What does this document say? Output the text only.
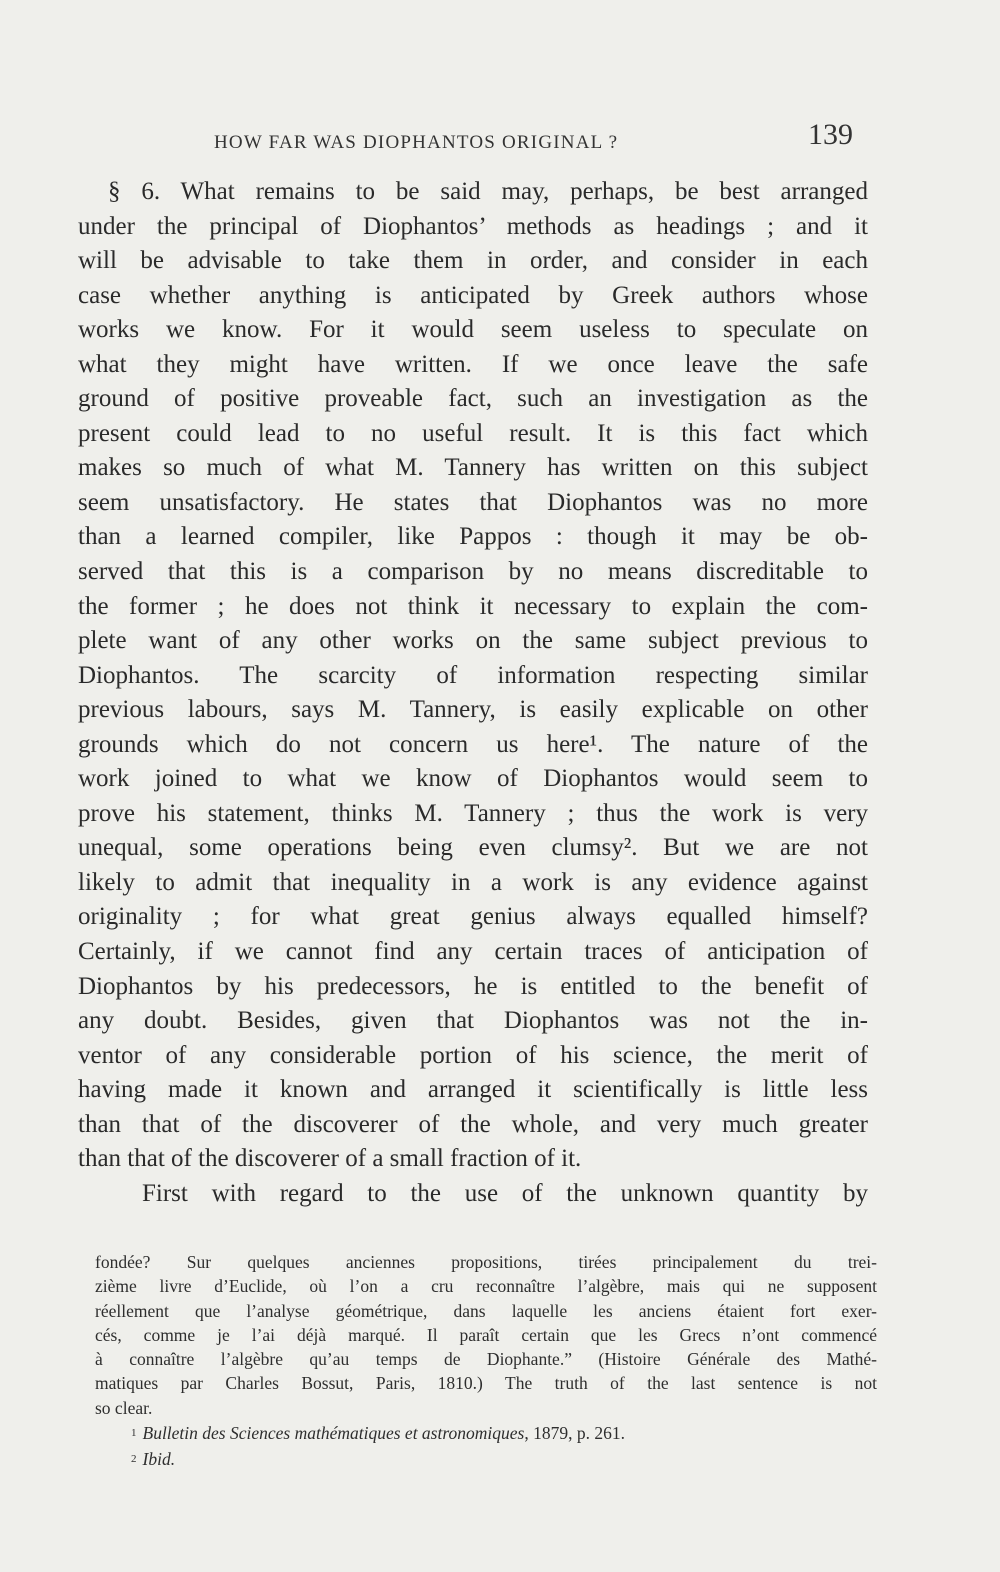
HOW FAR WAS DIOPHANTOS ORIGINAL ?	139
§ 6. What remains to be said may, perhaps, be best arranged
under the principal of Diophantos’ methods as headings ; and it
will be advisable to take them in order, and consider in each
case whether anything is anticipated by Greek authors whose
works we know. For it would seem useless to speculate on
what they might have written. If we once leave the safe
ground of positive proveable fact, such an investigation as the
present could lead to no useful result. It is this fact which
makes so much of what M. Tannery has written on this subject
seem unsatisfactory. He states that Diophantos was no more
than a learned compiler, like Pappos : though it may be ob-
served that this is a comparison by no means discreditable to
the former ; he does not think it necessary to explain the com-
plete want of any other works on the same subject previous to
Diophantos. The scarcity of information respecting similar
previous labours, says M. Tannery, is easily explicable on other
grounds which do not concern us here¹. The nature of the
work joined to what we know of Diophantos would seem to
prove his statement, thinks M. Tannery ; thus the work is very
unequal, some operations being even clumsy². But we are not
likely to admit that inequality in a work is any evidence against
originality ; for what great genius always equalled himself?
Certainly, if we cannot find any certain traces of anticipation of
Diophantos by his predecessors, he is entitled to the benefit of
any doubt. Besides, given that Diophantos was not the in-
ventor of any considerable portion of his science, the merit of
having made it known and arranged it scientifically is little less
than that of the discoverer of the whole, and very much greater
than that of the discoverer of a small fraction of it.
First with regard to the use of the unknown quantity by
fondée? Sur quelques anciennes propositions, tirées principalement du trei-
zième livre d’Euclide, où l’on a cru reconnaître l’algèbre, mais qui ne supposent
réellement que l’analyse géométrique, dans laquelle les anciens étaient fort exer-
cés, comme je l’ai déjà marqué. Il paraît certain que les Grecs n’ont commencé
à connaître l’algèbre qu’au temps de Diophante.” (Histoire Générale des Mathé-
matiques par Charles Bossut, Paris, 1810.) The truth of the last sentence is not
so clear.
$^1$ Bulletin des Sciences mathématiques et astronomiques, 1879, p. 261.
$^2$ Ibid.
